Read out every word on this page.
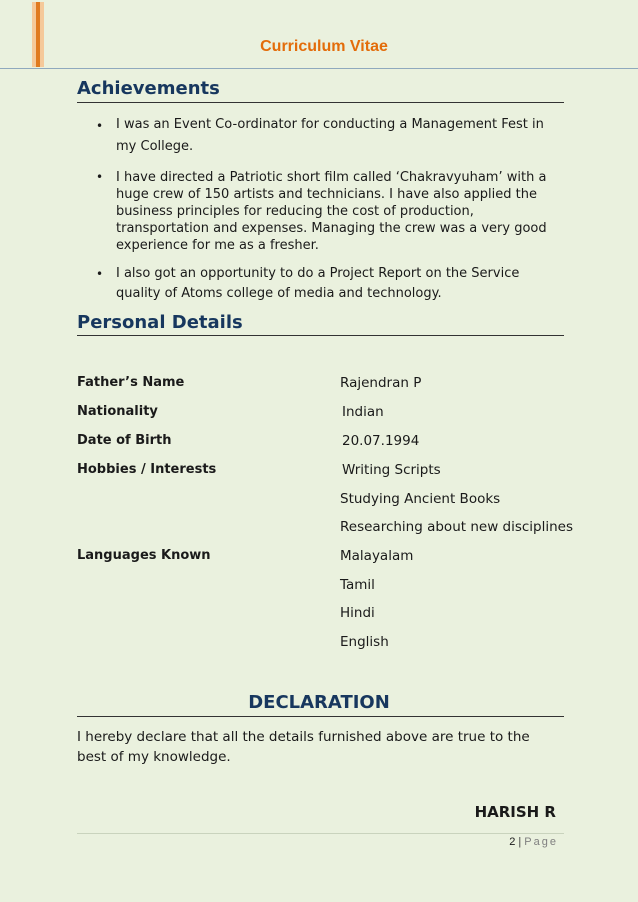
Curriculum Vitae
Achievements
• I was an Event Co-ordinator for conducting a Management Fest in my College.
• I have directed a Patriotic short film called ‘Chakravyuham’ with a huge crew of 150 artists and technicians. I have also applied the business principles for reducing the cost of production, transportation and expenses. Managing the crew was a very good experience for me as a fresher.
• I also got an opportunity to do a Project Report on the Service quality of Atoms college of media and technology.
Personal Details
Father’s Name	Rajendran P
Nationality	Indian
Date of Birth	20.07.1994
Hobbies / Interests	Writing Scripts
Studying Ancient Books
Researching about new disciplines
Languages Known	Malayalam
Tamil
Hindi
English
DECLARATION
I hereby declare that all the details furnished above are true to the best of my knowledge.
HARISH R
2 | Page
